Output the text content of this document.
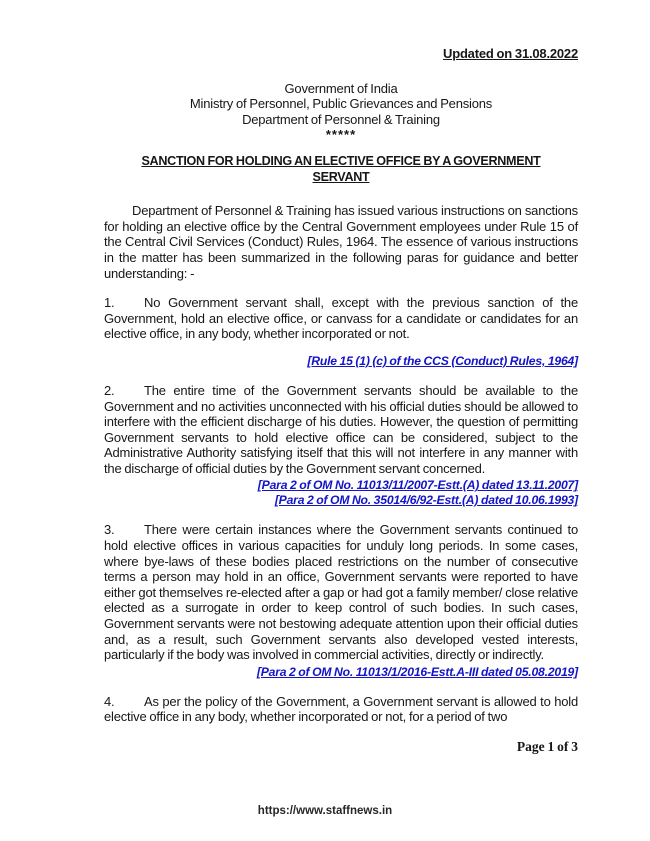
Updated on 31.08.2022
Government of India
Ministry of Personnel, Public Grievances and Pensions
Department of Personnel & Training
*****
SANCTION FOR HOLDING AN ELECTIVE OFFICE BY A GOVERNMENT SERVANT

Department of Personnel & Training has issued various instructions on sanctions for holding an elective office by the Central Government employees under Rule 15 of the Central Civil Services (Conduct) Rules, 1964. The essence of various instructions in the matter has been summarized in the following paras for guidance and better understanding: -

1. No Government servant shall, except with the previous sanction of the Government, hold an elective office, or canvass for a candidate or candidates for an elective office, in any body, whether incorporated or not.

[Rule 15 (1) (c) of the CCS (Conduct) Rules, 1964]

2. The entire time of the Government servants should be available to the Government and no activities unconnected with his official duties should be allowed to interfere with the efficient discharge of his duties. However, the question of permitting Government servants to hold elective office can be considered, subject to the Administrative Authority satisfying itself that this will not interfere in any manner with the discharge of official duties by the Government servant concerned.

[Para 2 of OM No. 11013/11/2007-Estt.(A) dated 13.11.2007]
[Para 2 of OM No. 35014/6/92-Estt.(A) dated 10.06.1993]

3. There were certain instances where the Government servants continued to hold elective offices in various capacities for unduly long periods. In some cases, where bye-laws of these bodies placed restrictions on the number of consecutive terms a person may hold in an office, Government servants were reported to have either got themselves re-elected after a gap or had got a family member/ close relative elected as a surrogate in order to keep control of such bodies. In such cases, Government servants were not bestowing adequate attention upon their official duties and, as a result, such Government servants also developed vested interests, particularly if the body was involved in commercial activities, directly or indirectly.

[Para 2 of OM No. 11013/1/2016-Estt.A-III dated 05.08.2019]

4. As per the policy of the Government, a Government servant is allowed to hold elective office in any body, whether incorporated or not, for a period of two

Page 1 of 3
https://www.staffnews.in
